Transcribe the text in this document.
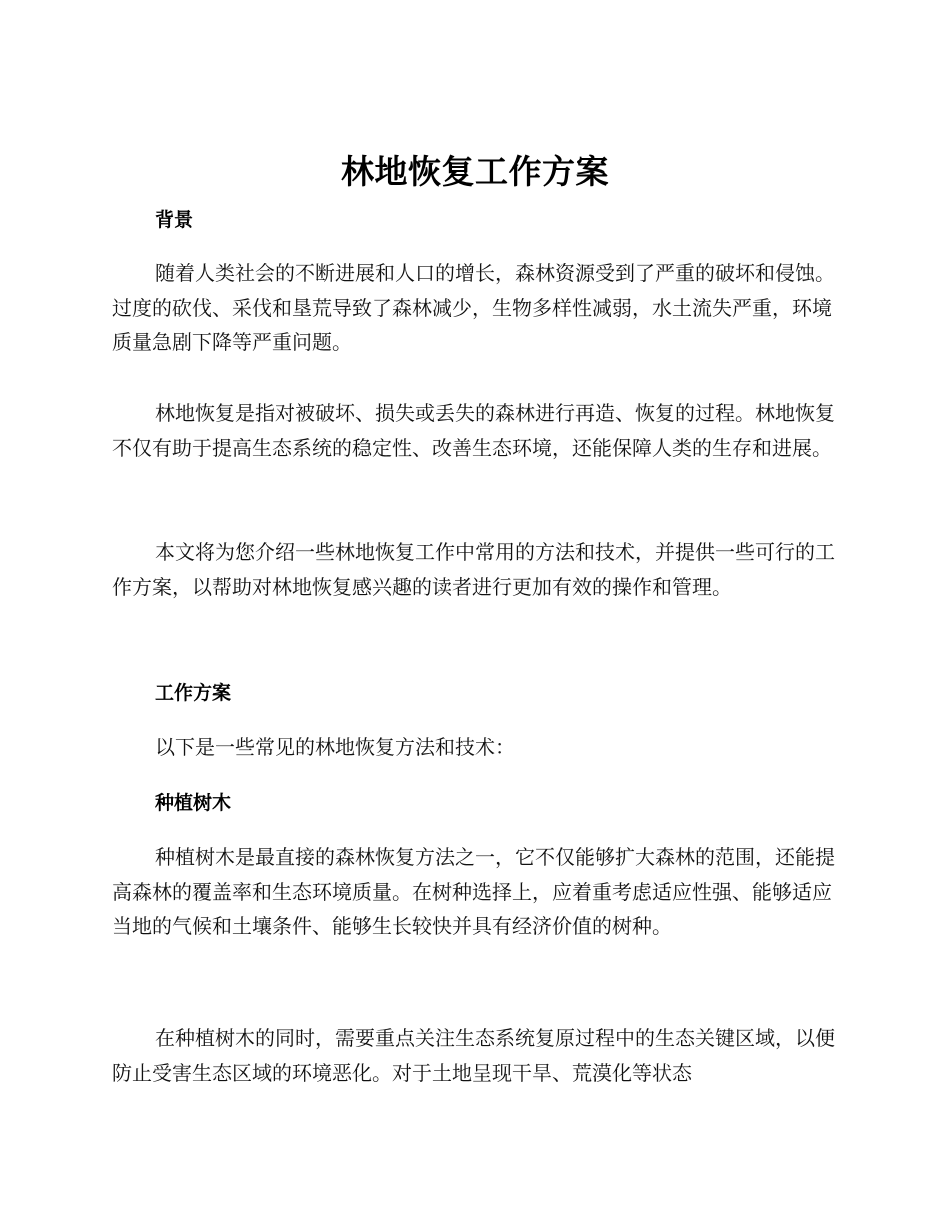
林地恢复工作方案
背景
随着人类社会的不断进展和人口的增长，森林资源受到了严重的破坏和侵蚀。过度的砍伐、采伐和垦荒导致了森林减少，生物多样性减弱，水土流失严重，环境质量急剧下降等严重问题。
林地恢复是指对被破坏、损失或丢失的森林进行再造、恢复的过程。林地恢复不仅有助于提高生态系统的稳定性、改善生态环境，还能保障人类的生存和进展。
本文将为您介绍一些林地恢复工作中常用的方法和技术，并提供一些可行的工作方案，以帮助对林地恢复感兴趣的读者进行更加有效的操作和管理。
工作方案
以下是一些常见的林地恢复方法和技术：
种植树木
种植树木是最直接的森林恢复方法之一，它不仅能够扩大森林的范围，还能提高森林的覆盖率和生态环境质量。在树种选择上，应着重考虑适应性强、能够适应当地的气候和土壤条件、能够生长较快并具有经济价值的树种。
在种植树木的同时，需要重点关注生态系统复原过程中的生态关键区域，以便防止受害生态区域的环境恶化。对于土地呈现干旱、荒漠化等状态
